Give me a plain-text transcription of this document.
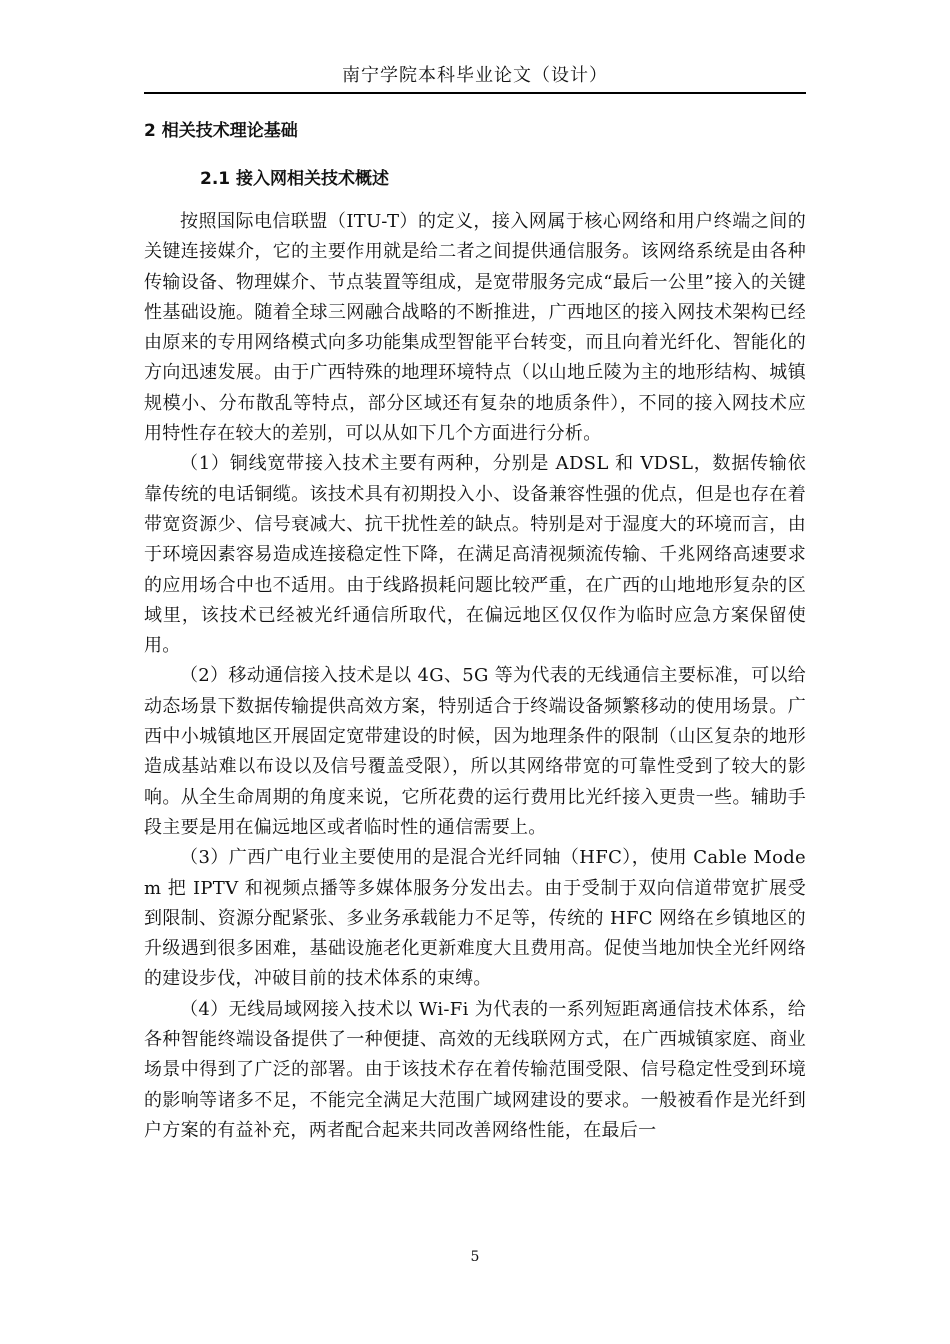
南宁学院本科毕业论文（设计）
2 相关技术理论基础
2.1 接入网相关技术概述

按照国际电信联盟（ITU-T）的定义，接入网属于核心网络和用户终端之间的关键连接媒介，它的主要作用就是给二者之间提供通信服务。该网络系统是由各种传输设备、物理媒介、节点装置等组成，是宽带服务完成“最后一公里”接入的关键性基础设施。随着全球三网融合战略的不断推进，广西地区的接入网技术架构已经由原来的专用网络模式向多功能集成型智能平台转变，而且向着光纤化、智能化的方向迅速发展。由于广西特殊的地理环境特点（以山地丘陵为主的地形结构、城镇规模小、分布散乱等特点，部分区域还有复杂的地质条件），不同的接入网技术应用特性存在较大的差别，可以从如下几个方面进行分析。

（1）铜线宽带接入技术主要有两种，分别是 ADSL 和 VDSL，数据传输依靠传统的电话铜缆。该技术具有初期投入小、设备兼容性强的优点，但是也存在着带宽资源少、信号衰减大、抗干扰性差的缺点。特别是对于湿度大的环境而言，由于环境因素容易造成连接稳定性下降，在满足高清视频流传输、千兆网络高速要求的应用场合中也不适用。由于线路损耗问题比较严重，在广西的山地地形复杂的区域里，该技术已经被光纤通信所取代，在偏远地区仅仅作为临时应急方案保留使用。

（2）移动通信接入技术是以 4G、5G 等为代表的无线通信主要标准，可以给动态场景下数据传输提供高效方案，特别适合于终端设备频繁移动的使用场景。广西中小城镇地区开展固定宽带建设的时候，因为地理条件的限制（山区复杂的地形造成基站难以布设以及信号覆盖受限），所以其网络带宽的可靠性受到了较大的影响。从全生命周期的角度来说，它所花费的运行费用比光纤接入更贵一些。辅助手段主要是用在偏远地区或者临时性的通信需要上。

（3）广西广电行业主要使用的是混合光纤同轴（HFC），使用 Cable Modem 把 IPTV 和视频点播等多媒体服务分发出去。由于受制于双向信道带宽扩展受到限制、资源分配紧张、多业务承载能力不足等，传统的 HFC 网络在乡镇地区的升级遇到很多困难，基础设施老化更新难度大且费用高。促使当地加快全光纤网络的建设步伐，冲破目前的技术体系的束缚。

（4）无线局域网接入技术以 Wi-Fi 为代表的一系列短距离通信技术体系，给各种智能终端设备提供了一种便捷、高效的无线联网方式，在广西城镇家庭、商业场景中得到了广泛的部署。由于该技术存在着传输范围受限、信号稳定性受到环境的影响等诸多不足，不能完全满足大范围广域网建设的要求。一般被看作是光纤到户方案的有益补充，两者配合起来共同改善网络性能，在最后一

5
